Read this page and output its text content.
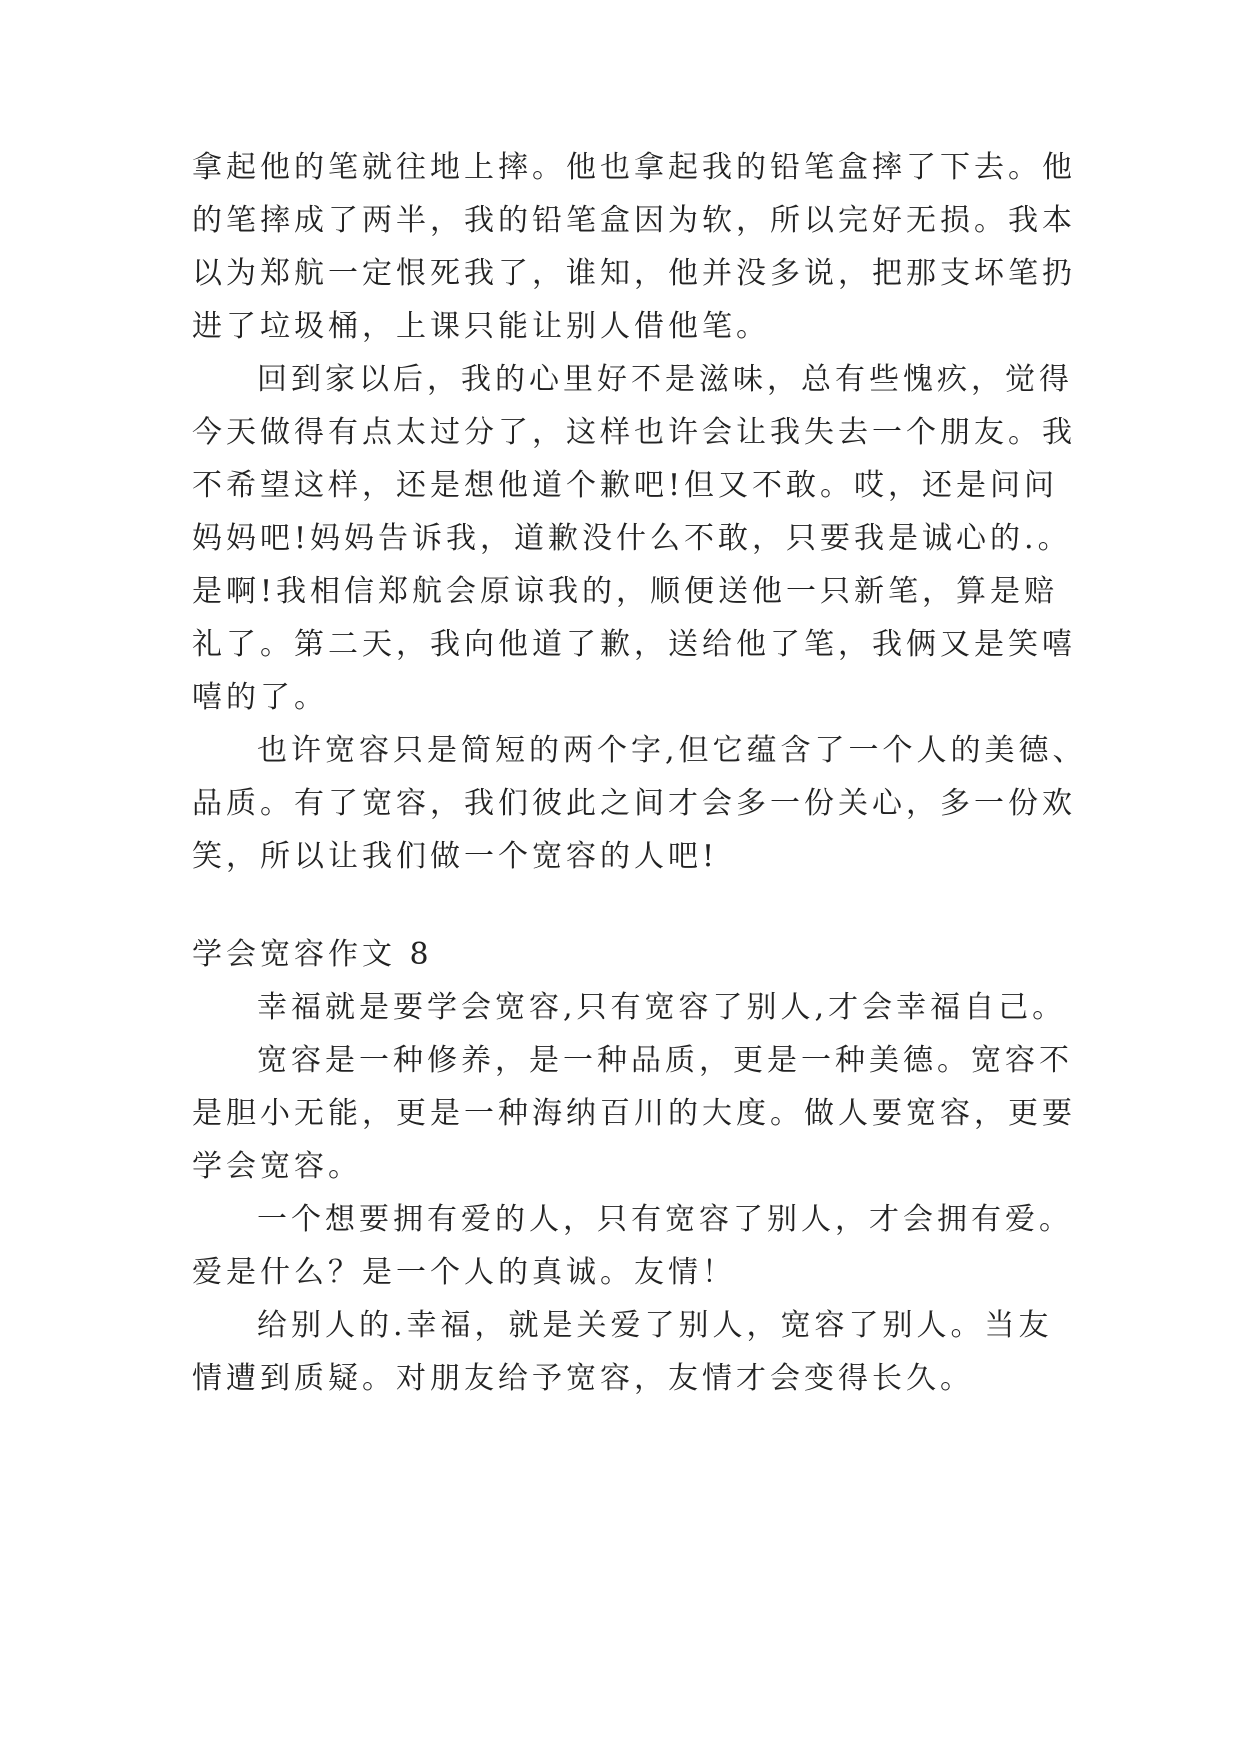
拿起他的笔就往地上摔。他也拿起我的铅笔盒摔了下去。他
的笔摔成了两半，我的铅笔盒因为软，所以完好无损。我本
以为郑航一定恨死我了，谁知，他并没多说，把那支坏笔扔
进了垃圾桶，上课只能让别人借他笔。
回到家以后，我的心里好不是滋味，总有些愧疚，觉得
今天做得有点太过分了，这样也许会让我失去一个朋友。我
不希望这样，还是想他道个歉吧!但又不敢。哎，还是问问
妈妈吧!妈妈告诉我，道歉没什么不敢，只要我是诚心的.。
是啊!我相信郑航会原谅我的，顺便送他一只新笔，算是赔
礼了。第二天，我向他道了歉，送给他了笔，我俩又是笑嘻
嘻的了。
也许宽容只是简短的两个字,但它蕴含了一个人的美德、
品质。有了宽容，我们彼此之间才会多一份关心，多一份欢
笑，所以让我们做一个宽容的人吧!
学会宽容作文 8
幸福就是要学会宽容,只有宽容了别人,才会幸福自己。
宽容是一种修养，是一种品质，更是一种美德。宽容不
是胆小无能，更是一种海纳百川的大度。做人要宽容，更要
学会宽容。
一个想要拥有爱的人，只有宽容了别人，才会拥有爱。
爱是什么？是一个人的真诚。友情！
给别人的.幸福，就是关爱了别人，宽容了别人。当友
情遭到质疑。对朋友给予宽容，友情才会变得长久。
